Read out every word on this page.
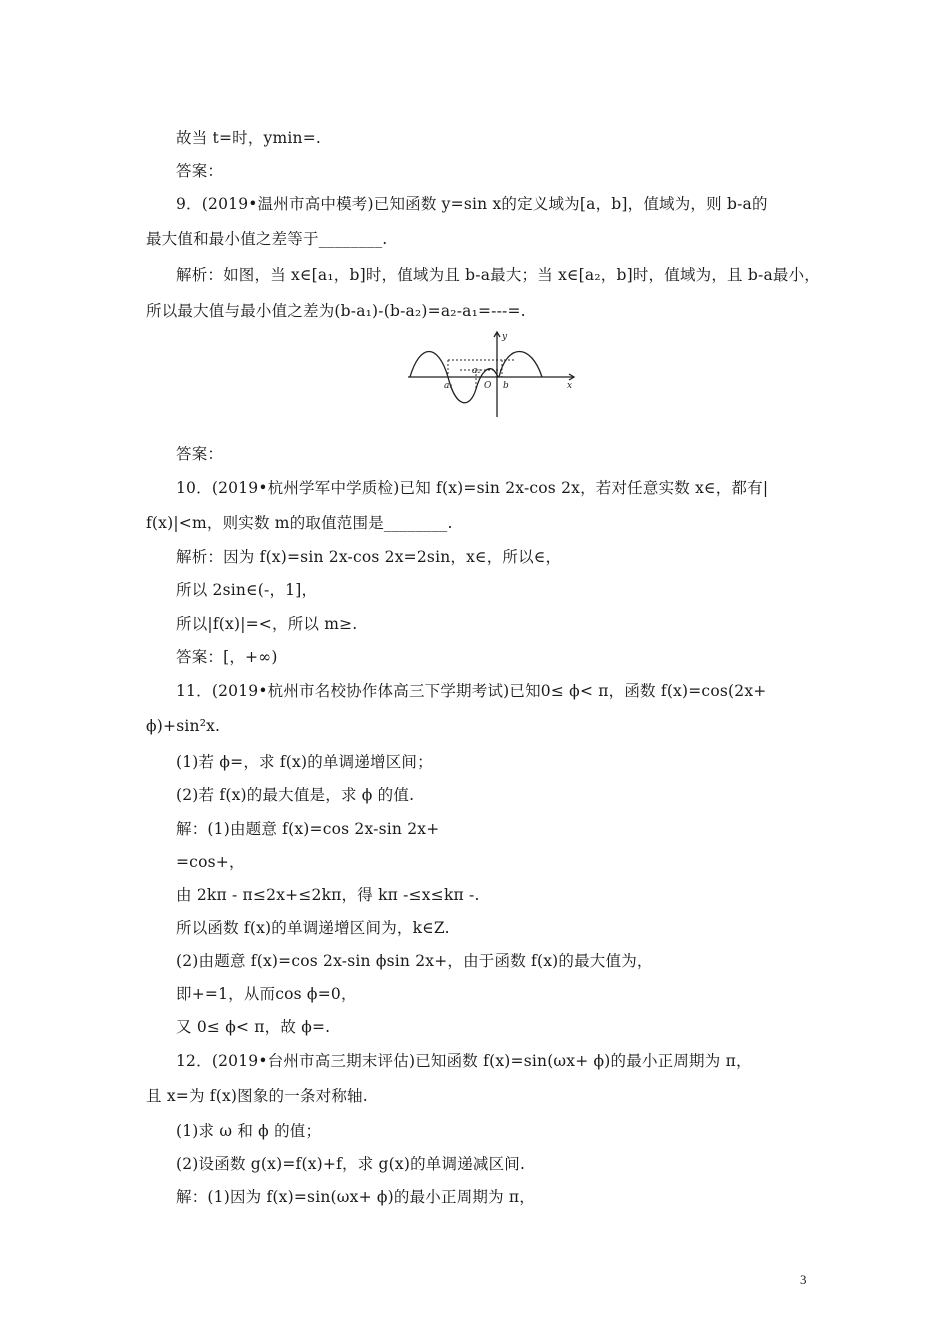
故当 t=时，ymin=.
答案：
9．(2019•温州市高中模考)已知函数 y=sin x的定义域为[a，b]，值域为，则 b-a的
最大值和最小值之差等于________.
解析：如图，当 x∈[a₁，b]时，值域为且 b-a最大；当 x∈[a₂，b]时，值域为，且 b-a最小，
所以最大值与最小值之差为(b-a₁)-(b-a₂)=a₂-a₁=---=.
y
x
a₁
a₂
O b
答案：
10．(2019•杭州学军中学质检)已知 f(x)=sin 2x-cos 2x，若对任意实数 x∈，都有|
f(x)|<m，则实数 m的取值范围是________.
解析：因为 f(x)=sin 2x-cos 2x=2sin，x∈，所以∈，
所以 2sin∈(-，1]，
所以|f(x)|=<，所以 m≥.
答案：[，+∞)
11．(2019•杭州市名校协作体高三下学期考试)已知0≤ ϕ< π，函数 f(x)=cos(2x+
ϕ)+sin²x.
(1)若 ϕ=，求 f(x)的单调递增区间；
(2)若 f(x)的最大值是，求 ϕ 的值.
解：(1)由题意 f(x)=cos 2x-sin 2x+
=cos+，
由 2kπ - π≤2x+≤2kπ，得 kπ -≤x≤kπ -.
所以函数 f(x)的单调递增区间为，k∈Z.
(2)由题意 f(x)=cos 2x-sin ϕsin 2x+，由于函数 f(x)的最大值为，
即+=1，从而cos ϕ=0，
又 0≤ ϕ< π，故 ϕ=.
12．(2019•台州市高三期末评估)已知函数 f(x)=sin(ωx+ ϕ)的最小正周期为 π，
且 x=为 f(x)图象的一条对称轴.
(1)求 ω 和 ϕ 的值；
(2)设函数 g(x)=f(x)+f，求 g(x)的单调递减区间.
解：(1)因为 f(x)=sin(ωx+ ϕ)的最小正周期为 π，
3
